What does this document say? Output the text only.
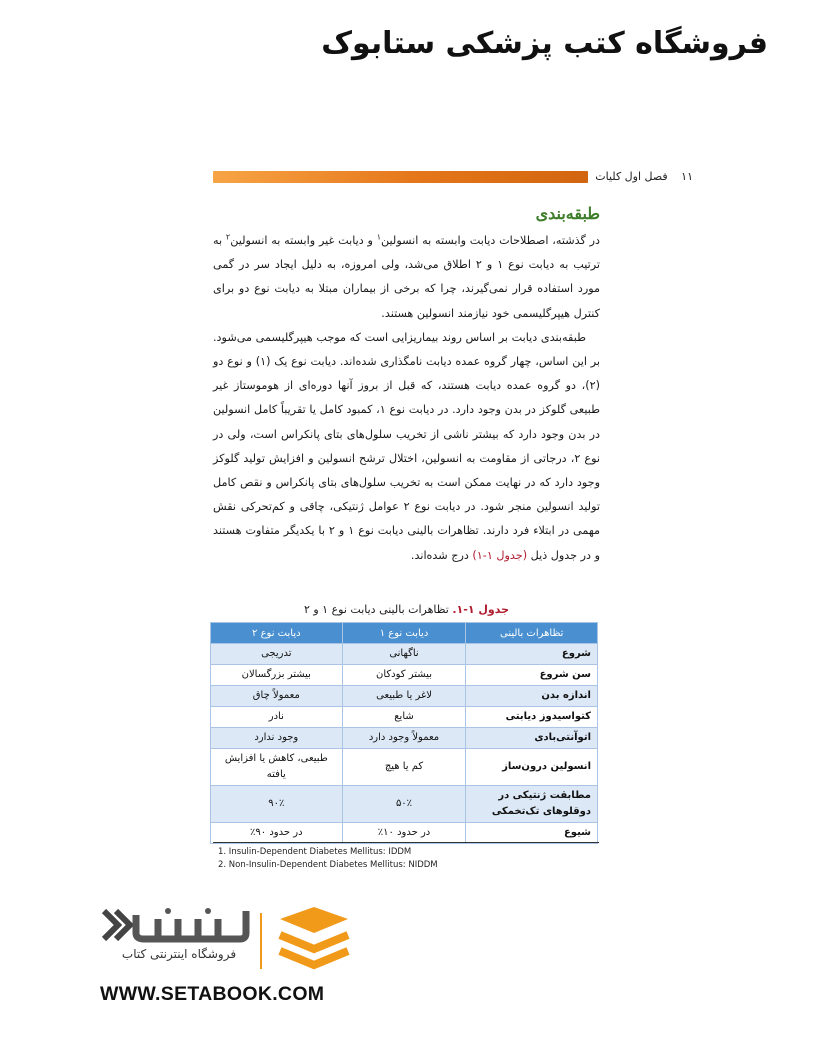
فروشگاه کتب پزشکی ستابوک
۱۱ فصل اول کلیات
طبقه‌بندی

در گذشته، اصطلاحات دیابت وابسته به انسولین$^۱$ و دیابت غیر وابسته به انسولین$^۲$ به ترتیب به دیابت نوع ۱ و ۲ اطلاق می‌شد، ولی امروزه، به دلیل ایجاد سر در گمی مورد استفاده قرار نمی‌گیرند، چرا که برخی از بیماران مبتلا به دیابت نوع دو برای کنترل هیپرگلیسمی خود نیازمند انسولین هستند.

طبقه‌بندی دیابت بر اساس روند بیماریزایی است که موجب هیپرگلیسمی می‌شود. بر این اساس، چهار گروه عمده دیابت نامگذاری شده‌اند. دیابت نوع یک (۱) و نوع دو (۲)، دو گروه عمده دیابت هستند، که قبل از بروز آنها دوره‌ای از هوموستاز غیر طبیعی گلوکز در بدن وجود دارد. در دیابت نوع ۱، کمبود کامل یا تقریباً کامل انسولین در بدن وجود دارد که بیشتر ناشی از تخریب سلول‌های بتای پانکراس است، ولی در نوع ۲، درجاتی از مقاومت به انسولین، اختلال ترشح انسولین و افزایش تولید گلوکز وجود دارد که در نهایت ممکن است به تخریب سلول‌های بتای پانکراس و نقص کامل تولید انسولین منجر شود. در دیابت نوع ۲ عوامل ژنتیکی، چاقی و کم‌تحرکی نقش مهمی در ابتلاء فرد دارند. تظاهرات بالینی دیابت نوع ۱ و ۲ با یکدیگر متفاوت هستند و در جدول ذیل (جدول ۱-۱) درج شده‌اند.

جدول ۱-۱. تظاهرات بالینی دیابت نوع ۱ و ۲
تظاهرات بالینی	دیابت نوع ۱	دیابت نوع ۲
شروع	ناگهانی	تدریجی
سن شروع	بیشتر کودکان	بیشتر بزرگسالان
اندازه بدن	لاغر یا طبیعی	معمولاً چاق
کتواسیدوز دیابتی	شایع	نادر
اتوآنتی‌بادی	معمولاً وجود دارد	وجود ندارد
انسولین درون‌ساز	کم یا هیچ	طبیعی، کاهش یا افزایش یافته
مطابقت ژنتیکی در دوقلوهای تک‌تخمکی	۵۰٪	۹۰٪
شیوع	در حدود ۱۰٪	در حدود ۹۰٪
1. Insulin-Dependent Diabetes Mellitus: IDDM
2. Non-Insulin-Dependent Diabetes Mellitus: NIDDM
فروشگاه اینترنتی کتاب
WWW.SETABOOK.COM
